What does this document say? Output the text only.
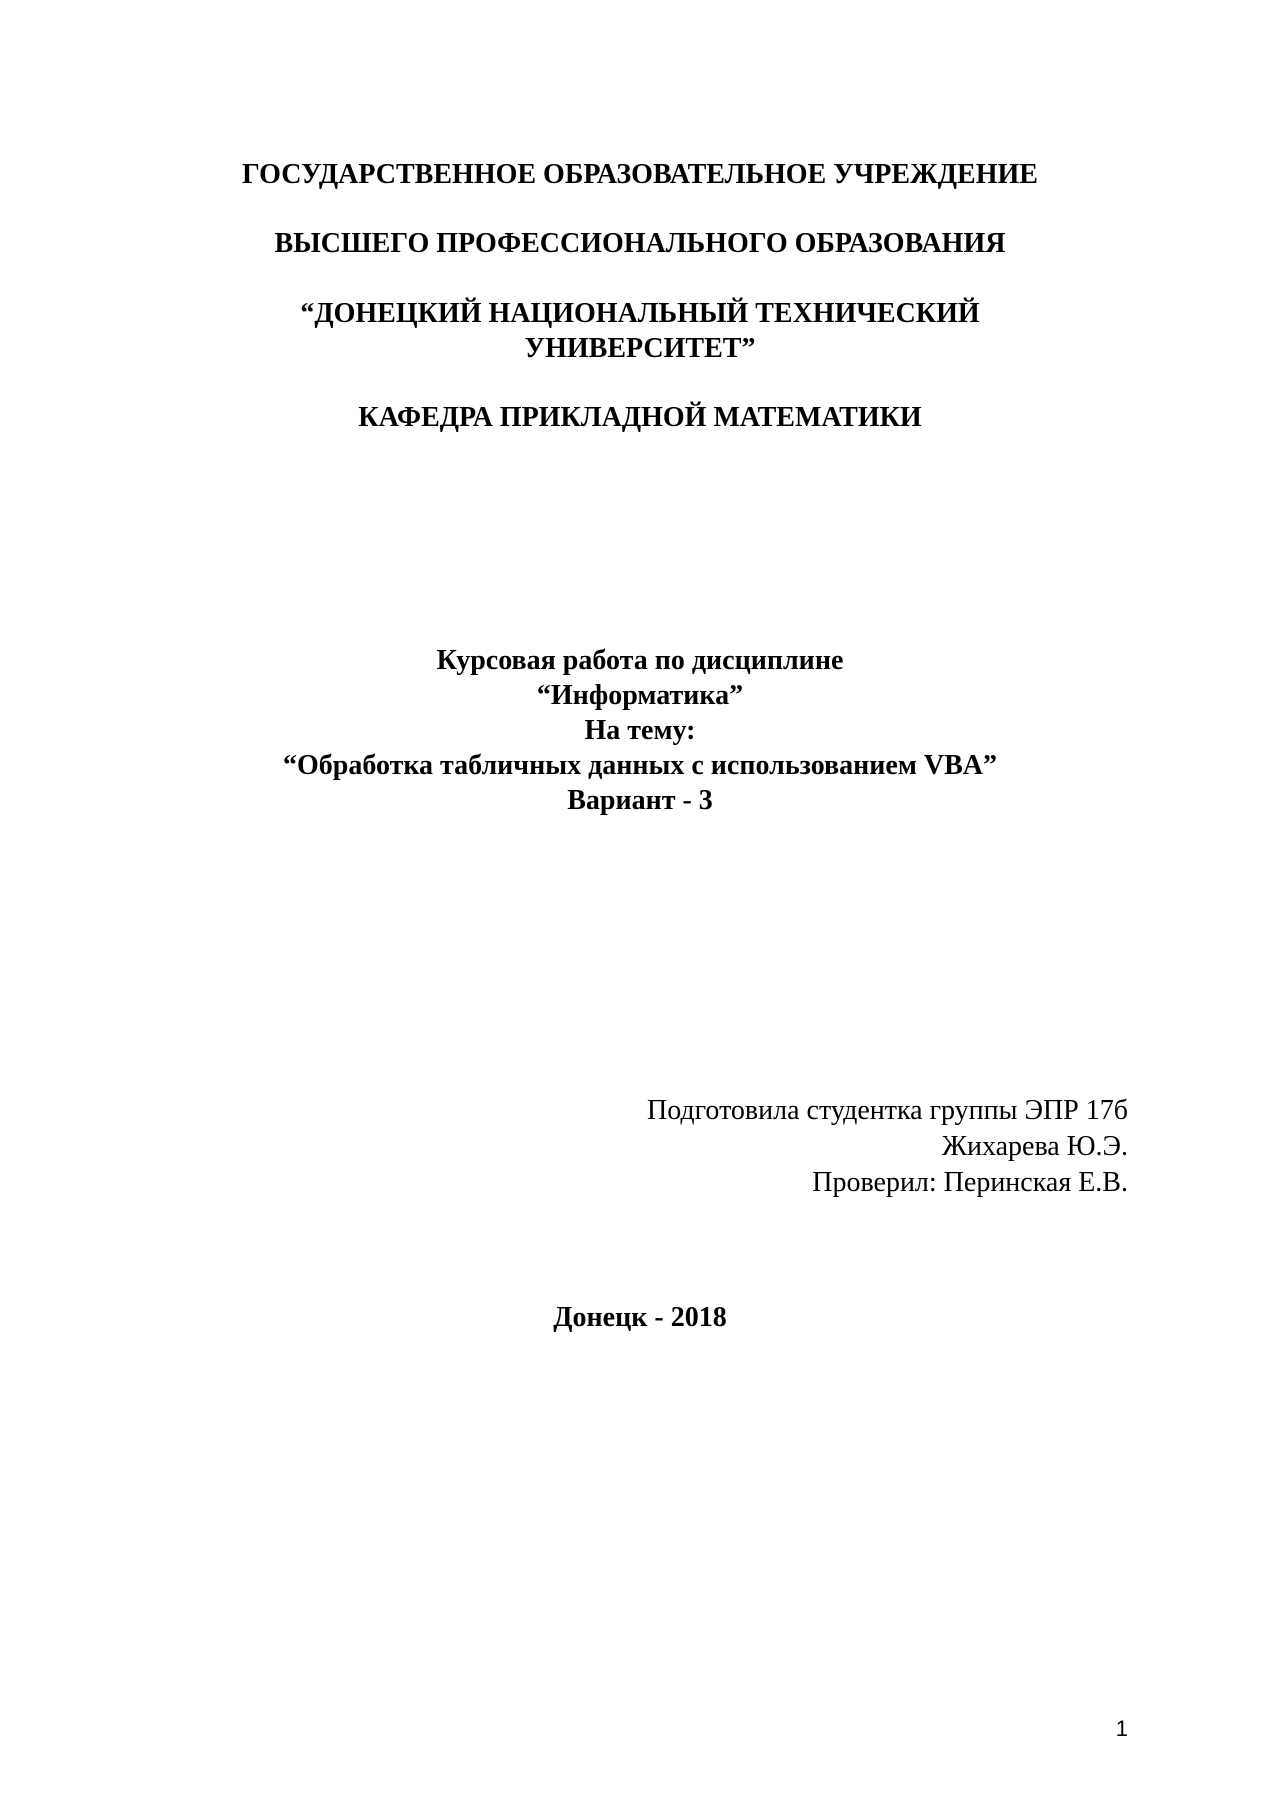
ГОСУДАРСТВЕННОЕ ОБРАЗОВАТЕЛЬНОЕ УЧРЕЖДЕНИЕ
ВЫСШЕГО ПРОФЕССИОНАЛЬНОГО ОБРАЗОВАНИЯ
“ДОНЕЦКИЙ НАЦИОНАЛЬНЫЙ ТЕХНИЧЕСКИЙ
УНИВЕРСИТЕТ”
КАФЕДРА ПРИКЛАДНОЙ МАТЕМАТИКИ
Курсовая работа по дисциплине
“Информатика”
На тему:
“Обработка табличных данных с использованием VBA”
Вариант - 3
Подготовила студентка группы ЭПР 17б
Жихарева Ю.Э.
Проверил: Перинская Е.В.
Донецк - 2018
1
